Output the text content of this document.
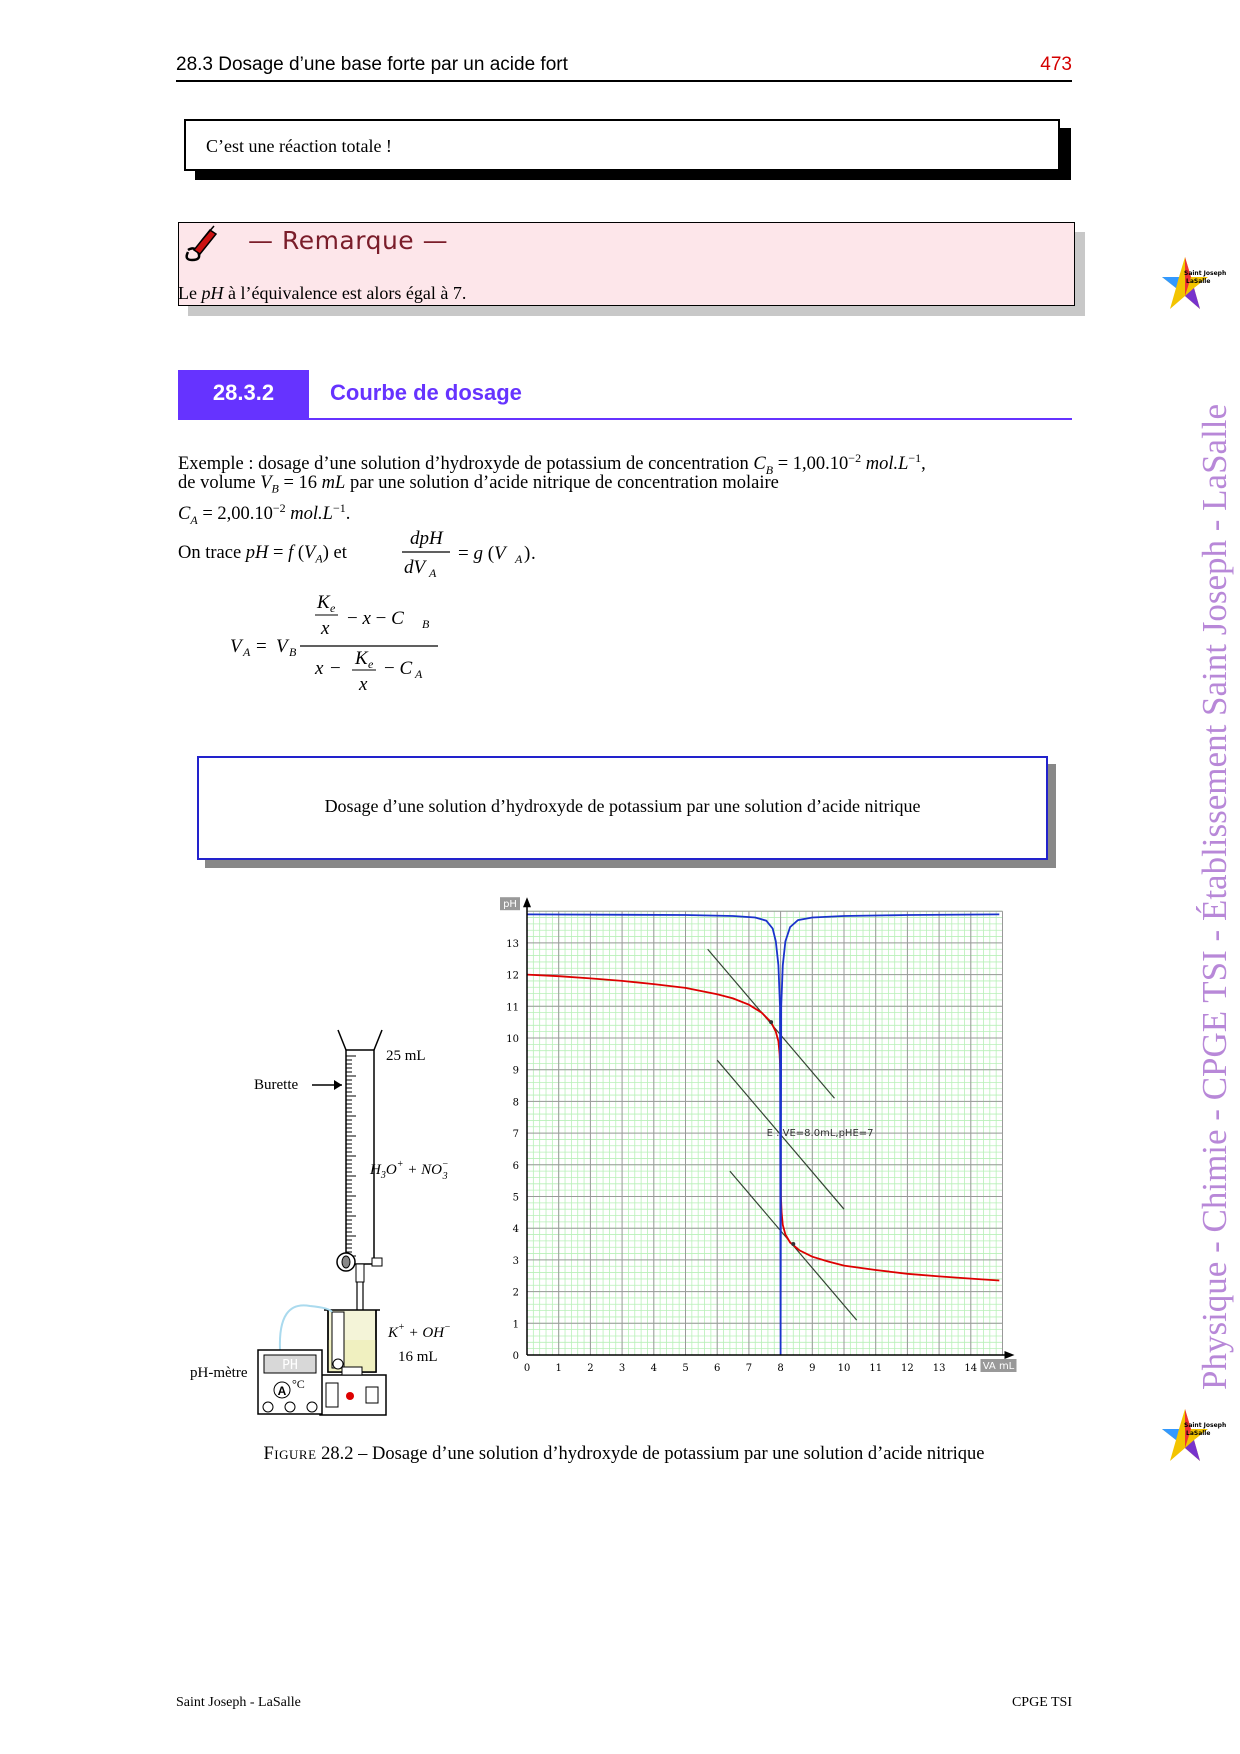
28.3 Dosage d’une base forte par un acide fort	473
C’est une réaction totale !
— Remarque —
Le pH à l’équivalence est alors égal à 7.
28.3.2	Courbe de dosage
Exemple : dosage d’une solution d’hydroxyde de potassium de concentration $C_B = 1,00.10^{-2}$ $mol.L^{-1}$,
de volume $V_B = 16$ mL par une solution d’acide nitrique de concentration molaire
$C_A = 2,00.10^{-2}$ $mol.L^{-1}$.
On trace pH = f $(V_A)$ et
dpH
dV A
= g (V A ) .
V A = V B
K e
x − x − C B
x − K e
x
− C A
Dosage d’une solution d’hydroxyde de potassium par une solution d’acide nitrique
Burette
25 mL
$H_3O^+ + NO^-$ 3
K+ + OH−
16 mL
PH
A °C
pH-mètre	0	1	2	3	4	5	6	7	8	9 10 11 12 13 14
0
1
2
3
4
5
6
7
8
9
10
11
12
13
pH
VA mL
E : VE=8.0mL,pHE=7
Figure 28.2 – Dosage d’une solution d’hydroxyde de potassium par une solution d’acide nitrique
Saint Joseph - LaSalle	CPGE TSI
Physique - Chimie - CPGE TSI - Établissement Saint Joseph - LaSalle
Saint Joseph
LaSalle
Saint Joseph
LaSalle
